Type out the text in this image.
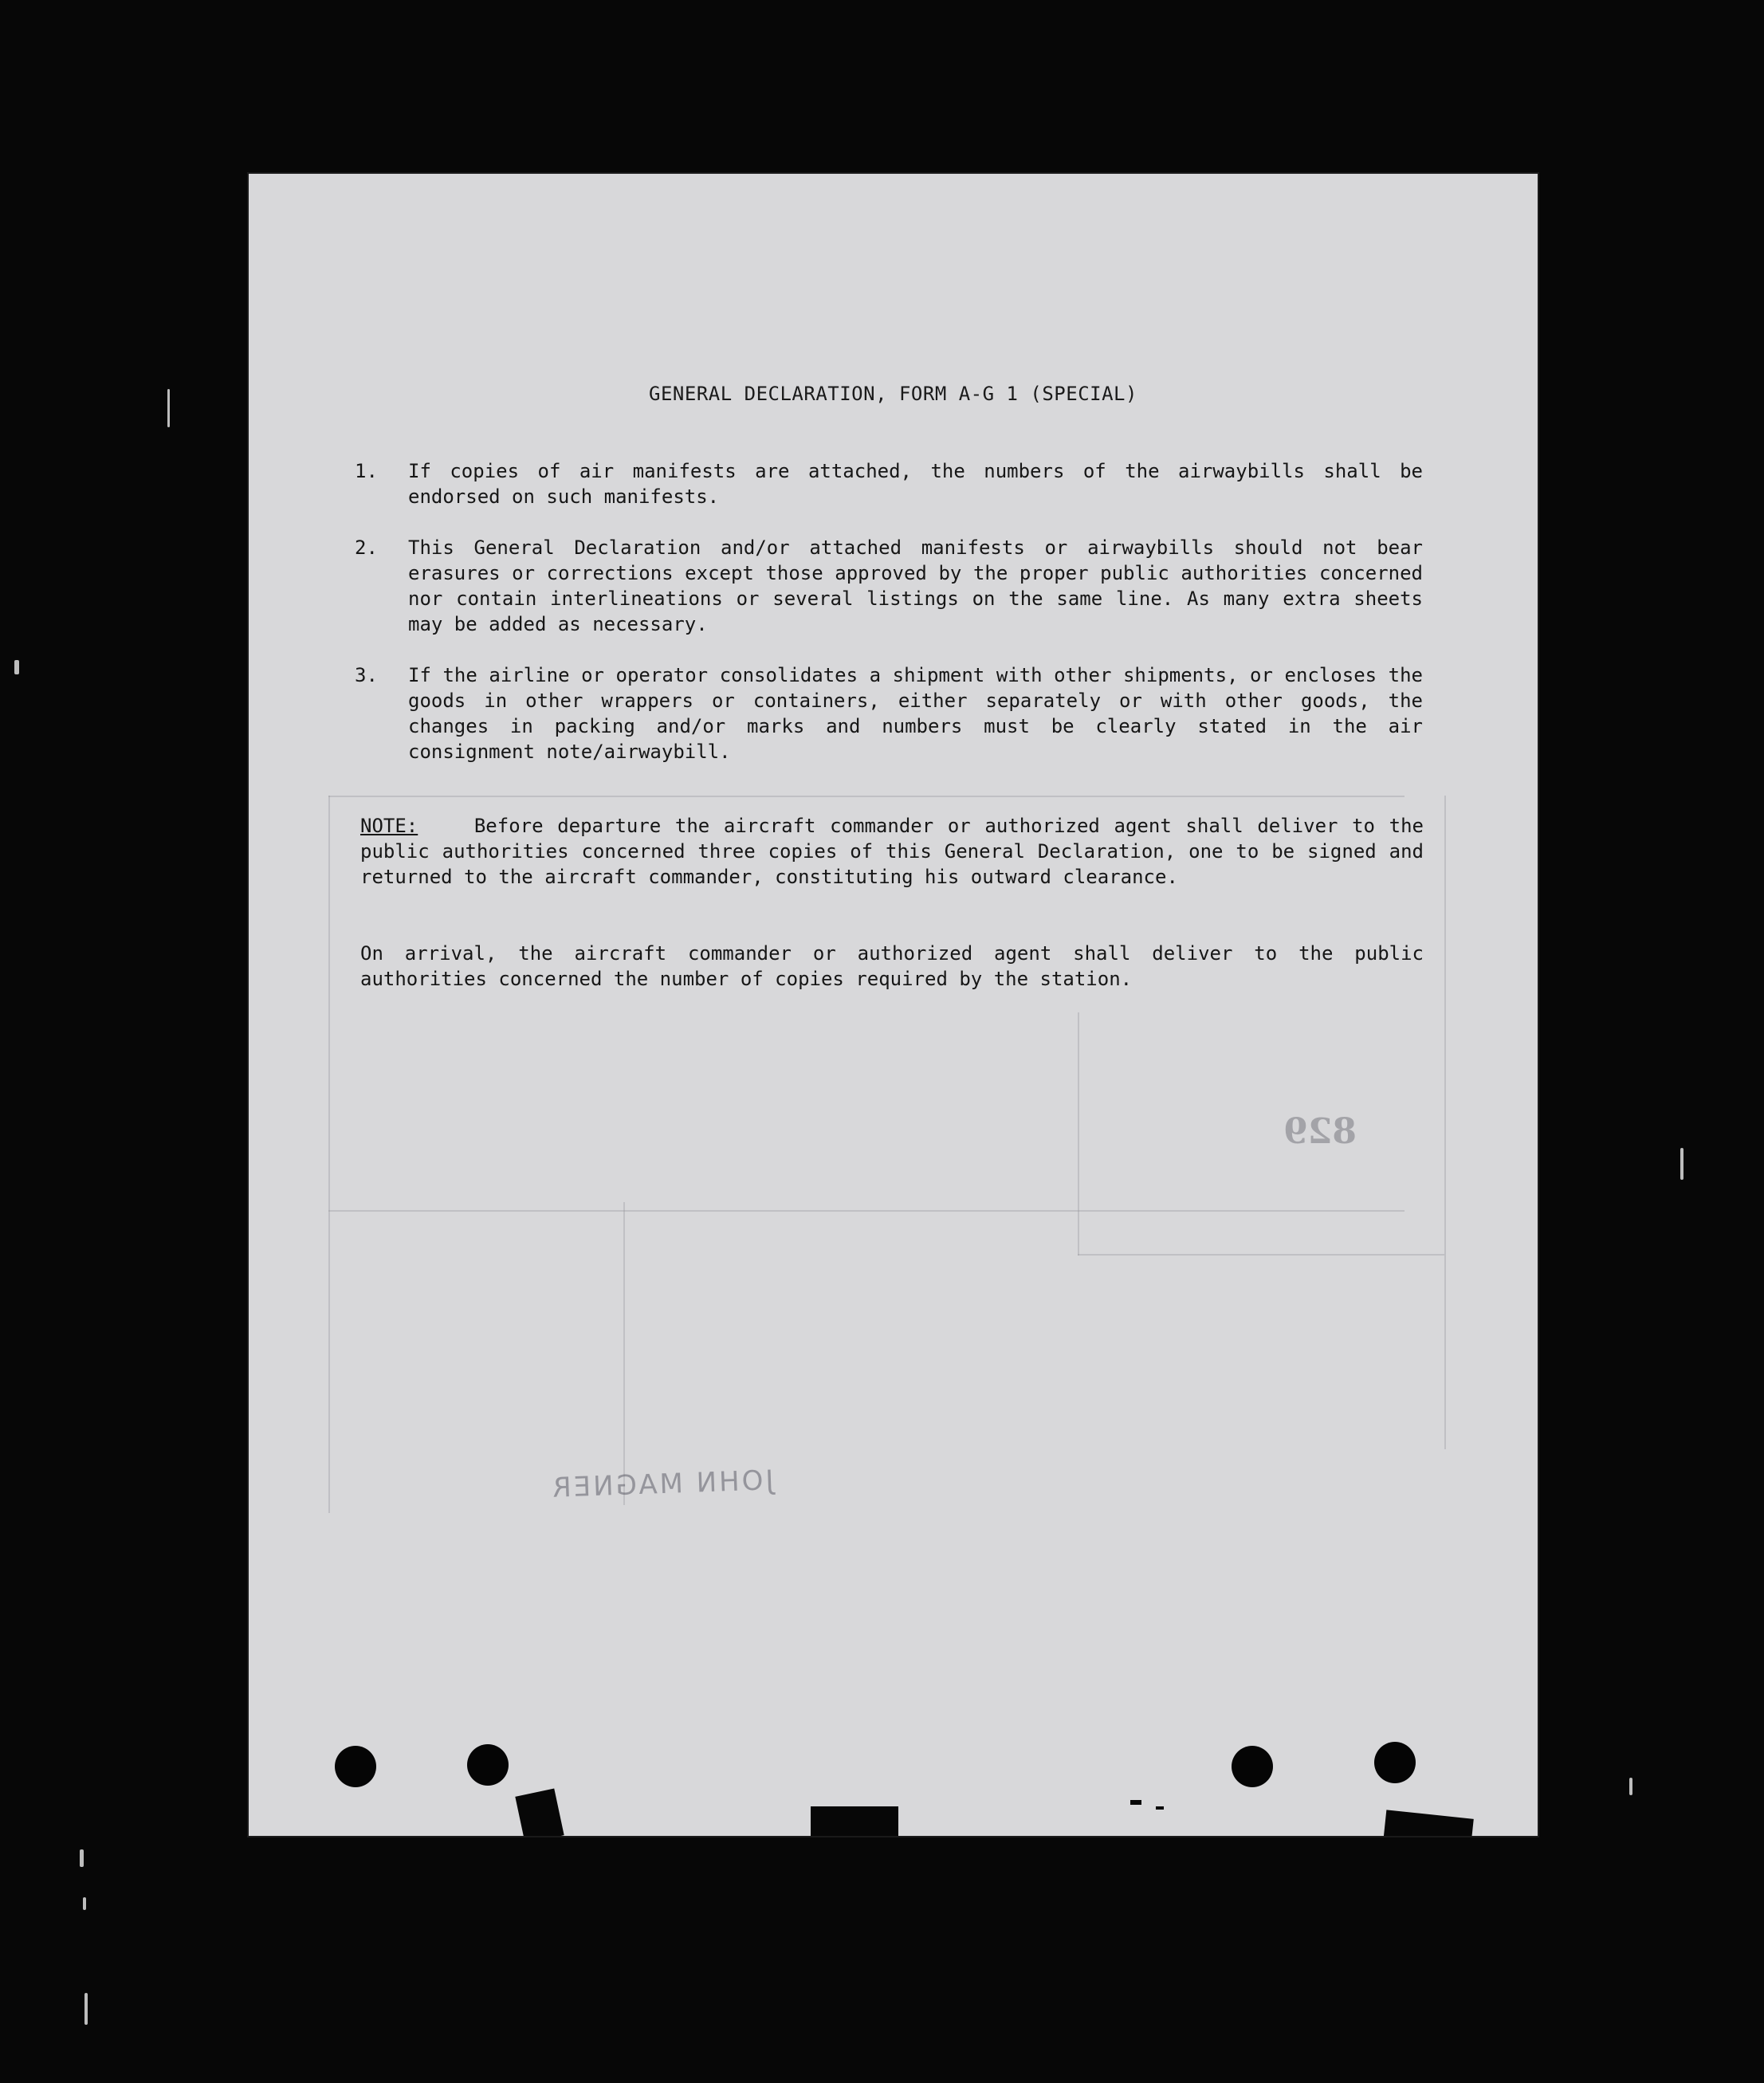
829
JOHN MAGNER
GENERAL DECLARATION, FORM A-G 1 (SPECIAL)
1.	If copies of air manifests are attached, the numbers of the airwaybills shall be endorsed on such manifests.
2.	This General Declaration and/or attached manifests or airwaybills should not bear erasures or corrections except those approved by the proper public authorities concerned nor contain interlineations or several listings on the same line. As many extra sheets may be added as necessary.
3.	If the airline or operator consolidates a shipment with other shipments, or encloses the goods in other wrappers or containers, either separately or with other goods, the changes in packing and/or marks and numbers must be clearly stated in the air consignment note/airwaybill.

NOTE:	Before departure the aircraft commander or authorized agent shall deliver to the public authorities concerned three copies of this General Declaration, one to be signed and returned to the aircraft commander, constituting his outward clearance.

On arrival, the aircraft commander or authorized agent shall deliver to the public authorities concerned the number of copies required by the station.
